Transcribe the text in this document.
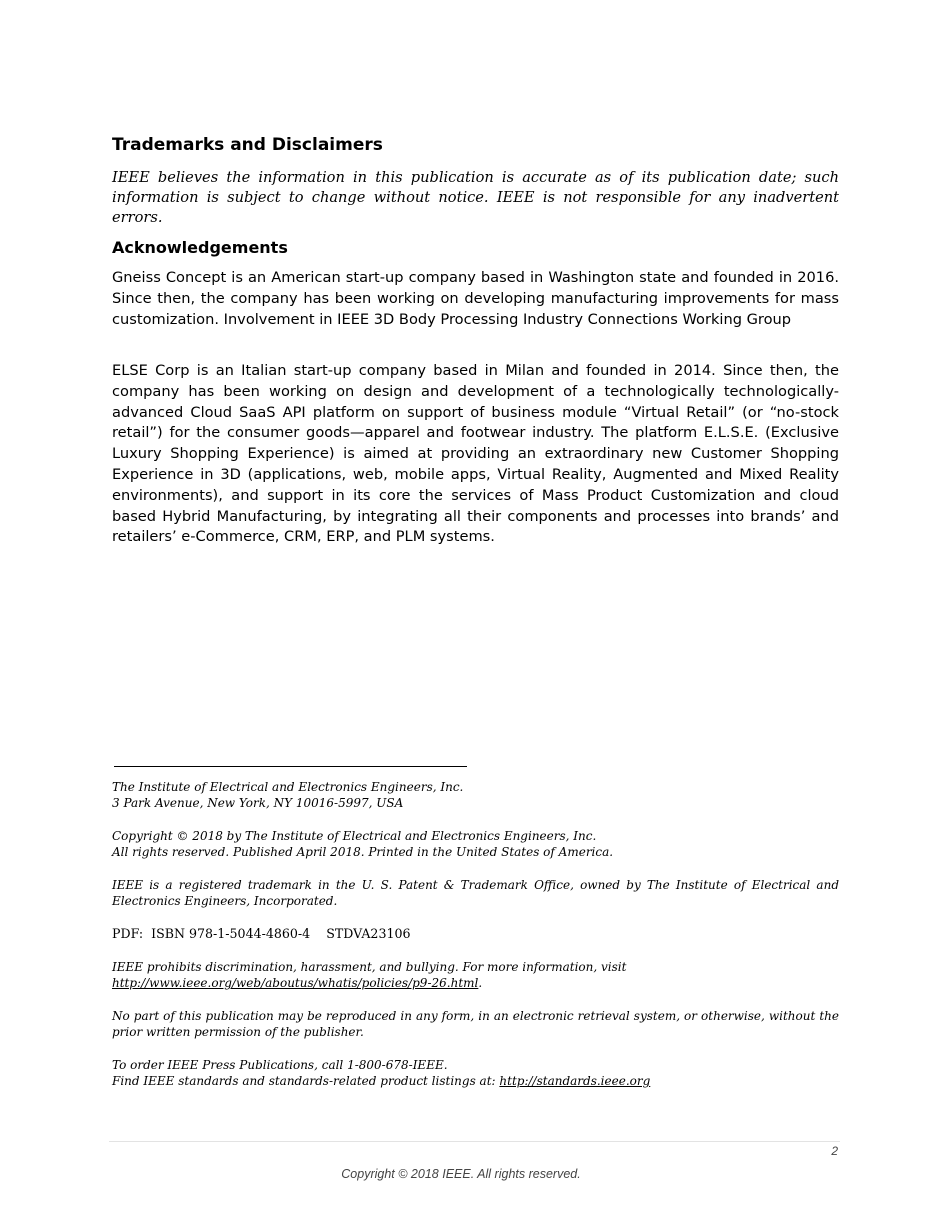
Trademarks and Disclaimers

IEEE believes the information in this publication is accurate as of its publication date; such information is subject to change without notice. IEEE is not responsible for any inadvertent errors.

Acknowledgements

Gneiss Concept is an American start-up company based in Washington state and founded in 2016. Since then, the company has been working on developing manufacturing improvements for mass customization. Involvement in IEEE 3D Body Processing Industry Connections Working Group

ELSE Corp is an Italian start-up company based in Milan and founded in 2014. Since then, the company has been working on design and development of a technologically technologically-advanced Cloud SaaS API platform on support of business module “Virtual Retail” (or “no-stock retail”) for the consumer goods—apparel and footwear industry. The platform E.L.S.E. (Exclusive Luxury Shopping Experience) is aimed at providing an extraordinary new Customer Shopping Experience in 3D (applications, web, mobile apps, Virtual Reality, Augmented and Mixed Reality environments), and support in its core the services of Mass Product Customization and cloud based Hybrid Manufacturing, by integrating all their components and processes into brands’ and retailers’ e-Commerce, CRM, ERP, and PLM systems.

The Institute of Electrical and Electronics Engineers, Inc.
3 Park Avenue, New York, NY 10016-5997, USA

Copyright © 2018 by The Institute of Electrical and Electronics Engineers, Inc.
All rights reserved. Published April 2018. Printed in the United States of America.

IEEE is a registered trademark in the U. S. Patent & Trademark Office, owned by The Institute of Electrical and Electronics Engineers, Incorporated.

PDF: ISBN 978-1-5044-4860-4 STDVA23106

IEEE prohibits discrimination, harassment, and bullying. For more information, visit
http://www.ieee.org/web/aboutus/whatis/policies/p9-26.html.

No part of this publication may be reproduced in any form, in an electronic retrieval system, or otherwise, without the prior written permission of the publisher.

To order IEEE Press Publications, call 1-800-678-IEEE.
Find IEEE standards and standards-related product listings at: http://standards.ieee.org

2
Copyright © 2018 IEEE. All rights reserved.
